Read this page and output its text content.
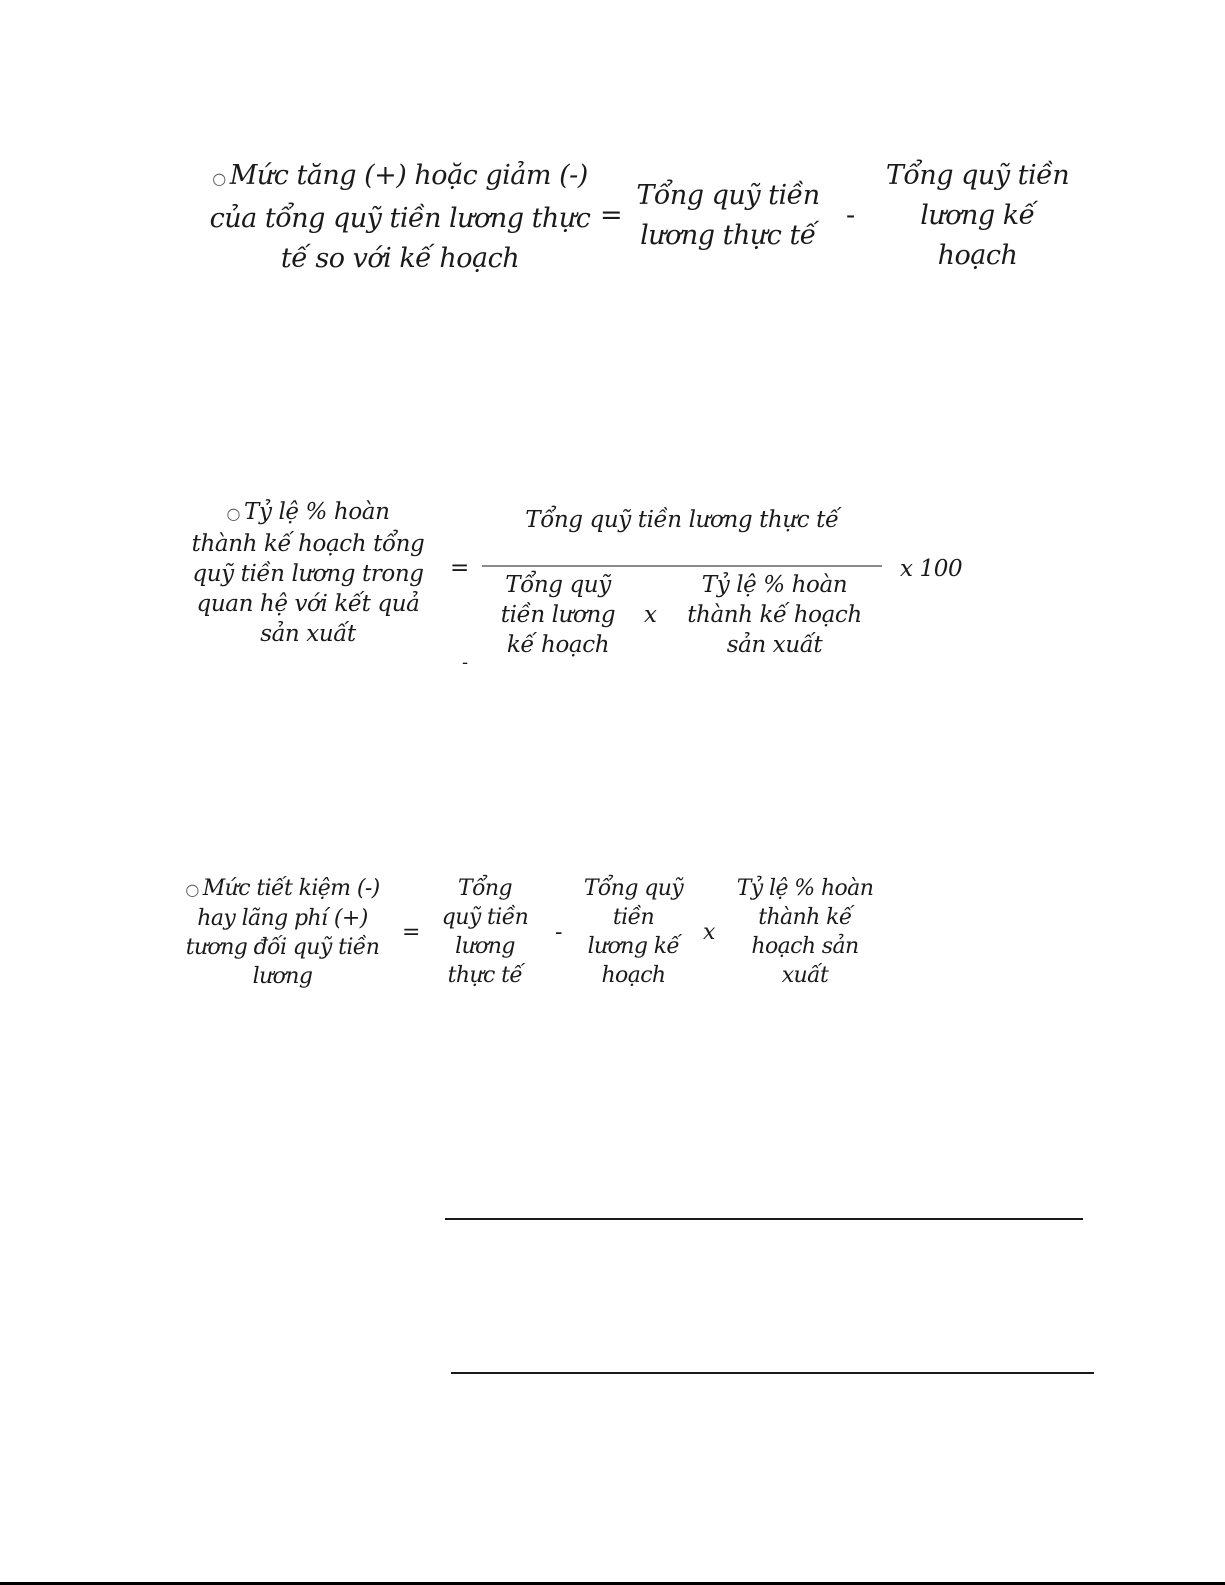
○ Mức tăng (+) hoặc giảm (-)
của tổng quỹ tiền lương thực
tế so với kế hoạch
=
Tổng quỹ tiền
lương thực tế
-
Tổng quỹ tiền
lương kế
hoạch
○ Tỷ lệ % hoàn
thành kế hoạch tổng
quỹ tiền lương trong
quan hệ với kết quả
sản xuất
=
Tổng quỹ tiền lương thực tế
Tổng quỹ
tiền lương
kế hoạch
x
Tỷ lệ % hoàn
thành kế hoạch
sản xuất
x 100
-
○ Mức tiết kiệm (-)
hay lãng phí (+)
tương đối quỹ tiền
lương
=
Tổng
quỹ tiền
lương
thực tế
-
Tổng quỹ
tiền
lương kế
hoạch
x
Tỷ lệ % hoàn
thành kế
hoạch sản
xuất
